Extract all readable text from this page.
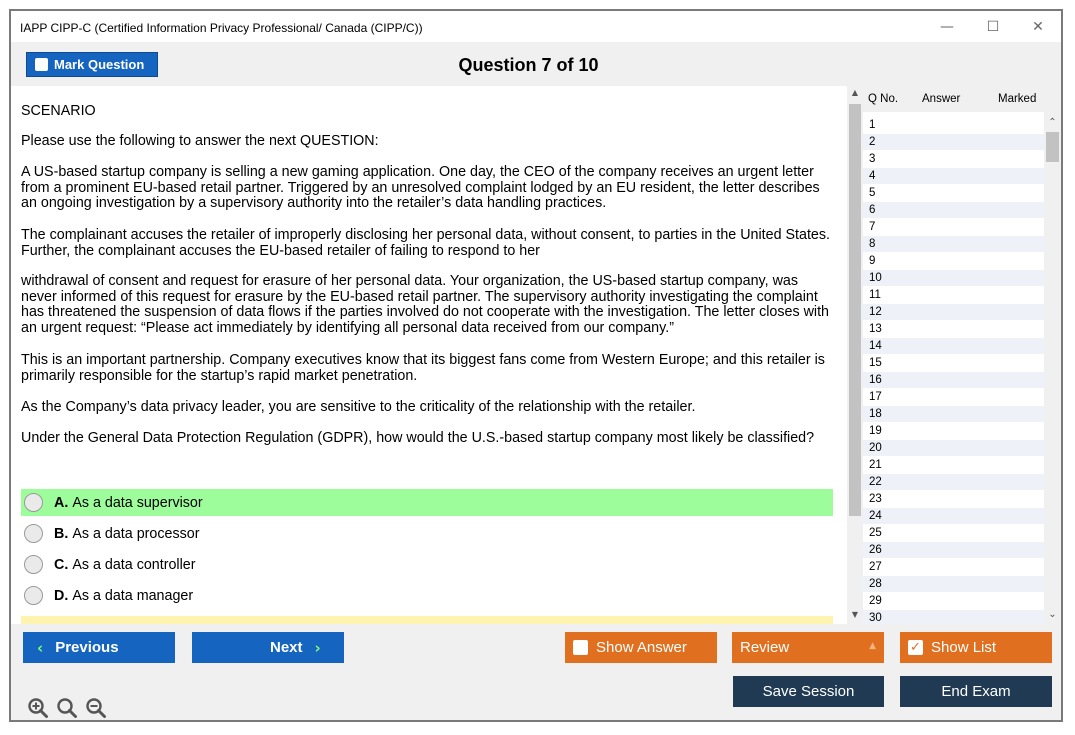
IAPP CIPP-C (Certified Information Privacy Professional/ Canada (CIPP/C))	—	☐	✕
Mark Question	Question 7 of 10
SCENARIO
Please use the following to answer the next QUESTION:
A US-based startup company is selling a new gaming application. One day, the CEO of the company receives an urgent letter from a prominent EU-based retail partner. Triggered by an unresolved complaint lodged by an EU resident, the letter describes an ongoing investigation by a supervisory authority into the retailer’s data handling practices.
The complainant accuses the retailer of improperly disclosing her personal data, without consent, to parties in the United States. Further, the complainant accuses the EU-based retailer of failing to respond to her
withdrawal of consent and request for erasure of her personal data. Your organization, the US-based startup company, was never informed of this request for erasure by the EU-based retail partner. The supervisory authority investigating the complaint has threatened the suspension of data flows if the parties involved do not cooperate with the investigation. The letter closes with an urgent request: “Please act immediately by identifying all personal data received from our company.”
This is an important partnership. Company executives know that its biggest fans come from Western Europe; and this retailer is primarily responsible for the startup’s rapid market penetration.
As the Company’s data privacy leader, you are sensitive to the criticality of the relationship with the retailer.
Under the General Data Protection Regulation (GDPR), how would the U.S.-based startup company most likely be classified?
A. As a data supervisor
B. As a data processor
C. As a data controller
D. As a data manager
▲
▼
Q No. Answer	Marked
1
2
3
4
5
6
7
8
9
10
11
12
13
14
15
16
17
18
19
20
21
22
23
24
25
26
27
28
29
30
⌃
⌄
‹ Previous	Next ›	Show Answer	Review	▲	✓ Show List
Save Session	End Exam
